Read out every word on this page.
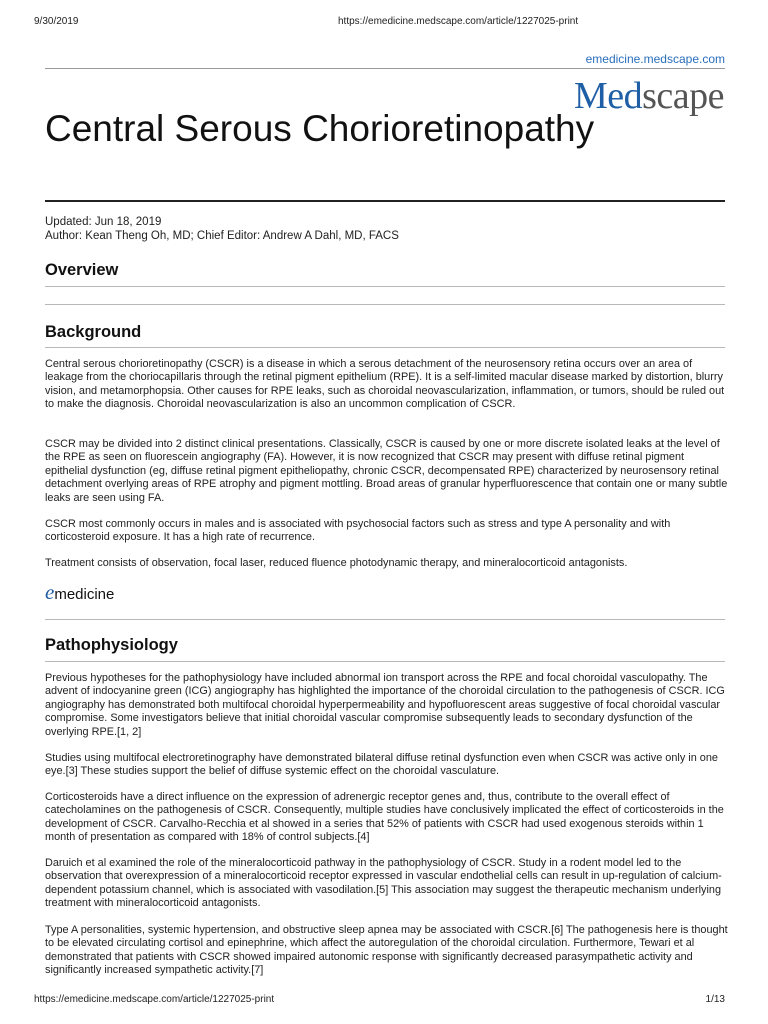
9/30/2019	https://emedicine.medscape.com/article/1227025-print
emedicine.medscape.com
Medscape
Central Serous Chorioretinopathy
Updated: Jun 18, 2019
Author: Kean Theng Oh, MD; Chief Editor: Andrew A Dahl, MD, FACS
Overview
Background

Central serous chorioretinopathy (CSCR) is a disease in which a serous detachment of the neurosensory retina occurs over an area of leakage from the choriocapillaris through the retinal pigment epithelium (RPE). It is a self-limited macular disease marked by distortion, blurry vision, and metamorphopsia. Other causes for RPE leaks, such as choroidal neovascularization, inflammation, or tumors, should be ruled out to make the diagnosis. Choroidal neovascularization is also an uncommon complication of CSCR.

CSCR may be divided into 2 distinct clinical presentations. Classically, CSCR is caused by one or more discrete isolated leaks at the level of the RPE as seen on fluorescein angiography (FA). However, it is now recognized that CSCR may present with diffuse retinal pigment epithelial dysfunction (eg, diffuse retinal pigment epitheliopathy, chronic CSCR, decompensated RPE) characterized by neurosensory retinal detachment overlying areas of RPE atrophy and pigment mottling. Broad areas of granular hyperfluorescence that contain one or many subtle leaks are seen using FA.

CSCR most commonly occurs in males and is associated with psychosocial factors such as stress and type A personality and with corticosteroid exposure. It has a high rate of recurrence.

Treatment consists of observation, focal laser, reduced fluence photodynamic therapy, and mineralocorticoid antagonists.

emedicine
Pathophysiology

Previous hypotheses for the pathophysiology have included abnormal ion transport across the RPE and focal choroidal vasculopathy. The advent of indocyanine green (ICG) angiography has highlighted the importance of the choroidal circulation to the pathogenesis of CSCR. ICG angiography has demonstrated both multifocal choroidal hyperpermeability and hypofluorescent areas suggestive of focal choroidal vascular compromise. Some investigators believe that initial choroidal vascular compromise subsequently leads to secondary dysfunction of the overlying RPE.[1, 2]

Studies using multifocal electroretinography have demonstrated bilateral diffuse retinal dysfunction even when CSCR was active only in one eye.[3] These studies support the belief of diffuse systemic effect on the choroidal vasculature.

Corticosteroids have a direct influence on the expression of adrenergic receptor genes and, thus, contribute to the overall effect of catecholamines on the pathogenesis of CSCR. Consequently, multiple studies have conclusively implicated the effect of corticosteroids in the development of CSCR. Carvalho-Recchia et al showed in a series that 52% of patients with CSCR had used exogenous steroids within 1 month of presentation as compared with 18% of control subjects.[4]

Daruich et al examined the role of the mineralocorticoid pathway in the pathophysiology of CSCR. Study in a rodent model led to the observation that overexpression of a mineralocorticoid receptor expressed in vascular endothelial cells can result in up-regulation of calcium-dependent potassium channel, which is associated with vasodilation.[5] This association may suggest the therapeutic mechanism underlying treatment with mineralocorticoid antagonists.

Type A personalities, systemic hypertension, and obstructive sleep apnea may be associated with CSCR.[6] The pathogenesis here is thought to be elevated circulating cortisol and epinephrine, which affect the autoregulation of the choroidal circulation. Furthermore, Tewari et al demonstrated that patients with CSCR showed impaired autonomic response with significantly decreased parasympathetic activity and significantly increased sympathetic activity.[7]

https://emedicine.medscape.com/article/1227025-print	1/13
